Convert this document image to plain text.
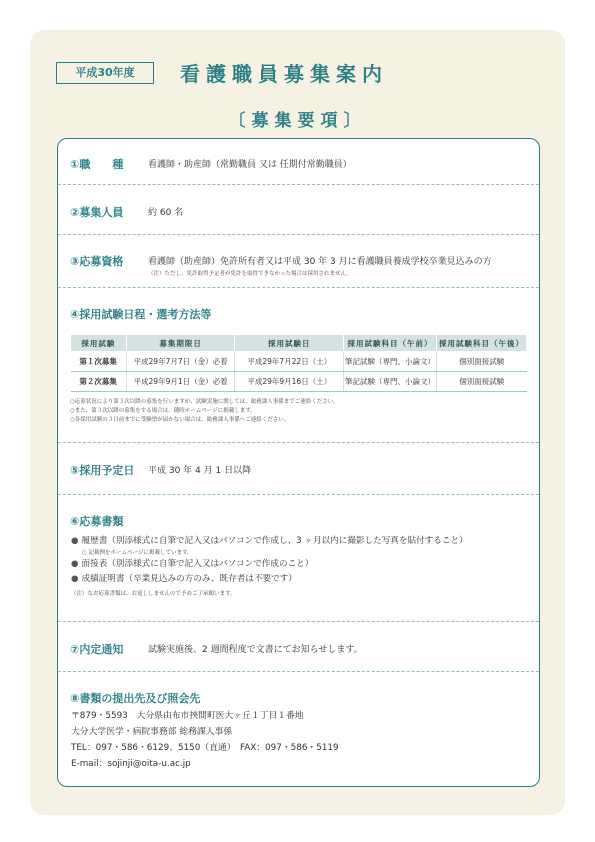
平成30年度	看護職員募集案内
〔募集要項〕
①職　　種	看護師・助産師（常勤職員 又は 任期付常勤職員）
②募集人員	約 60 名
③応募資格	看護師（助産師）免許所有者又は平成 30 年 3 月に看護職員養成学校卒業見込みの方
（注）ただし、免許取得予定者が免許を取得できなかった場合は採用されません。
④採用試験日程・選考方法等
採用試験	募集期限日	採用試験日	採用試験科目（午前）	採用試験科目（午後）
第１次募集	平成29年7月7日（金）必着	平成29年7月22日（土）	筆記試験（専門、小論文）	個別面接試験
第２次募集	平成29年9月1日（金）必着	平成29年9月16日（土）	筆記試験（専門、小論文）	個別面接試験
○応募状況により第３次以降の募集を行いますが、試験実施に関しては、総務課人事係までご連絡ください。
○また、第３次以降の募集をする場合は、随時ホームページに掲載します。
○各採用試験の３日前までに受験票が届かない場合は、総務課人事係へご連絡ください。
⑤採用予定日 平成 30 年 4 月 1 日以降
⑥応募書類
● 履歴書（別添様式に自筆で記入又はパソコンで作成し、3 ヶ月以内に撮影した写真を貼付すること）
○ 記載例をホームページに掲載しています。
● 面接表（別添様式に自筆で記入又はパソコンで作成のこと）
● 成績証明書（卒業見込みの方のみ、既存者は不要です）
（注）なお応募書類は、お返ししませんので予めご了承願います。
⑦内定通知	試験実施後、2 週間程度で文書にてお知らせします。
⑧書類の提出先及び照会先
〒879・5593　大分県由布市挾間町医大ヶ丘１丁目１番地
大分大学医学・病院事務部 総務課人事係
TEL：097・586・6129、5150（直通）　FAX：097・586・5119
E-mail：sojinji@oita-u.ac.jp
